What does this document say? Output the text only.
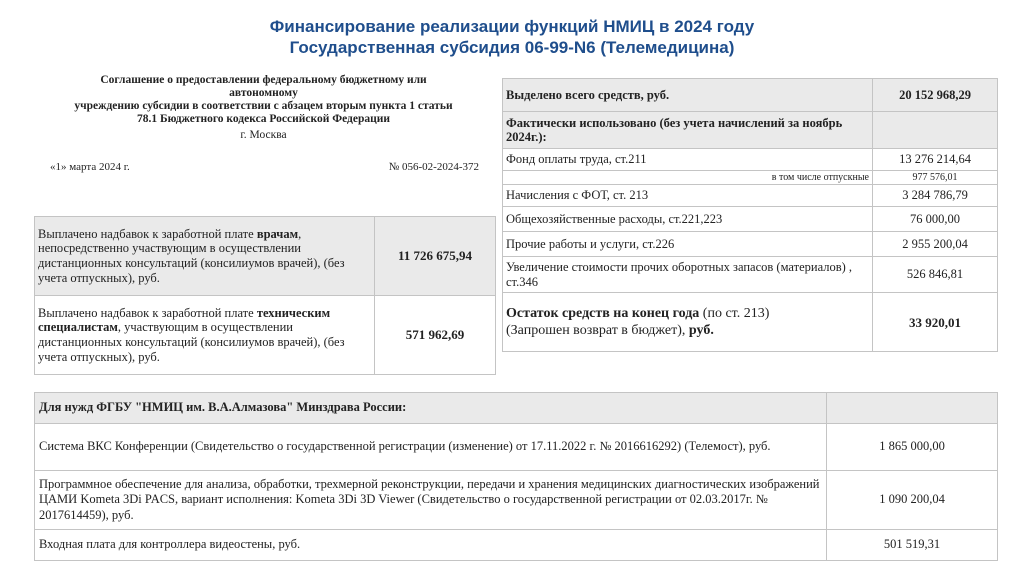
Финансирование реализации функций НМИЦ в 2024 году
Государственная субсидия 06-99-N6 (Телемедицина)
Соглашение о предоставлении федеральному бюджетному или
автономному
учреждению субсидии в соответствии с абзацем вторым пункта 1 статьи
78.1 Бюджетного кодекса Российской Федерации
г. Москва
«1» марта 2024 г.	№ 056-02-2024-372
Выплачено надбавок к заработной плате врачам, непосредственно участвующим в осуществлении дистанционных консультаций (консилиумов врачей), (без учета отпускных), руб.	11 726 675,94
Выплачено надбавок к заработной плате техническим специалистам, участвующим в осуществлении дистанционных консультаций (консилиумов врачей), (без учета отпускных), руб.	571 962,69
Выделено всего средств, руб.	20 152 968,29
Фактически использовано (без учета начислений за ноябрь 2024г.):	
Фонд оплаты труда, ст.211	13 276 214,64
в том числе отпускные	977 576,01
Начисления с ФОТ, ст. 213	3 284 786,79
Общехозяйственные расходы, ст.221,223	76 000,00
Прочие работы и услуги, ст.226	2 955 200,04
Увеличение стоимости прочих оборотных запасов (материалов) , ст.346	526 846,81
Остаток средств на конец года (по ст. 213)
(Запрошен возврат в бюджет), руб.	33 920,01
Для нужд ФГБУ "НМИЦ им. В.А.Алмазова" Минздрава России:	
Система ВКС Конференции (Свидетельство о государственной регистрации (изменение) от 17.11.2022 г. № 2016616292) (Телемост), руб.	1 865 000,00
Программное обеспечение для анализа, обработки, трехмерной реконструкции, передачи и хранения медицинских диагностических изображений ЦАМИ Kometa 3Di PACS, вариант исполнения: Kometa 3Di 3D Viewer (Свидетельство о государственной регистрации от 02.03.2017г. № 2017614459), руб.	1 090 200,04
Входная плата для контроллера видеостены, руб.	501 519,31
